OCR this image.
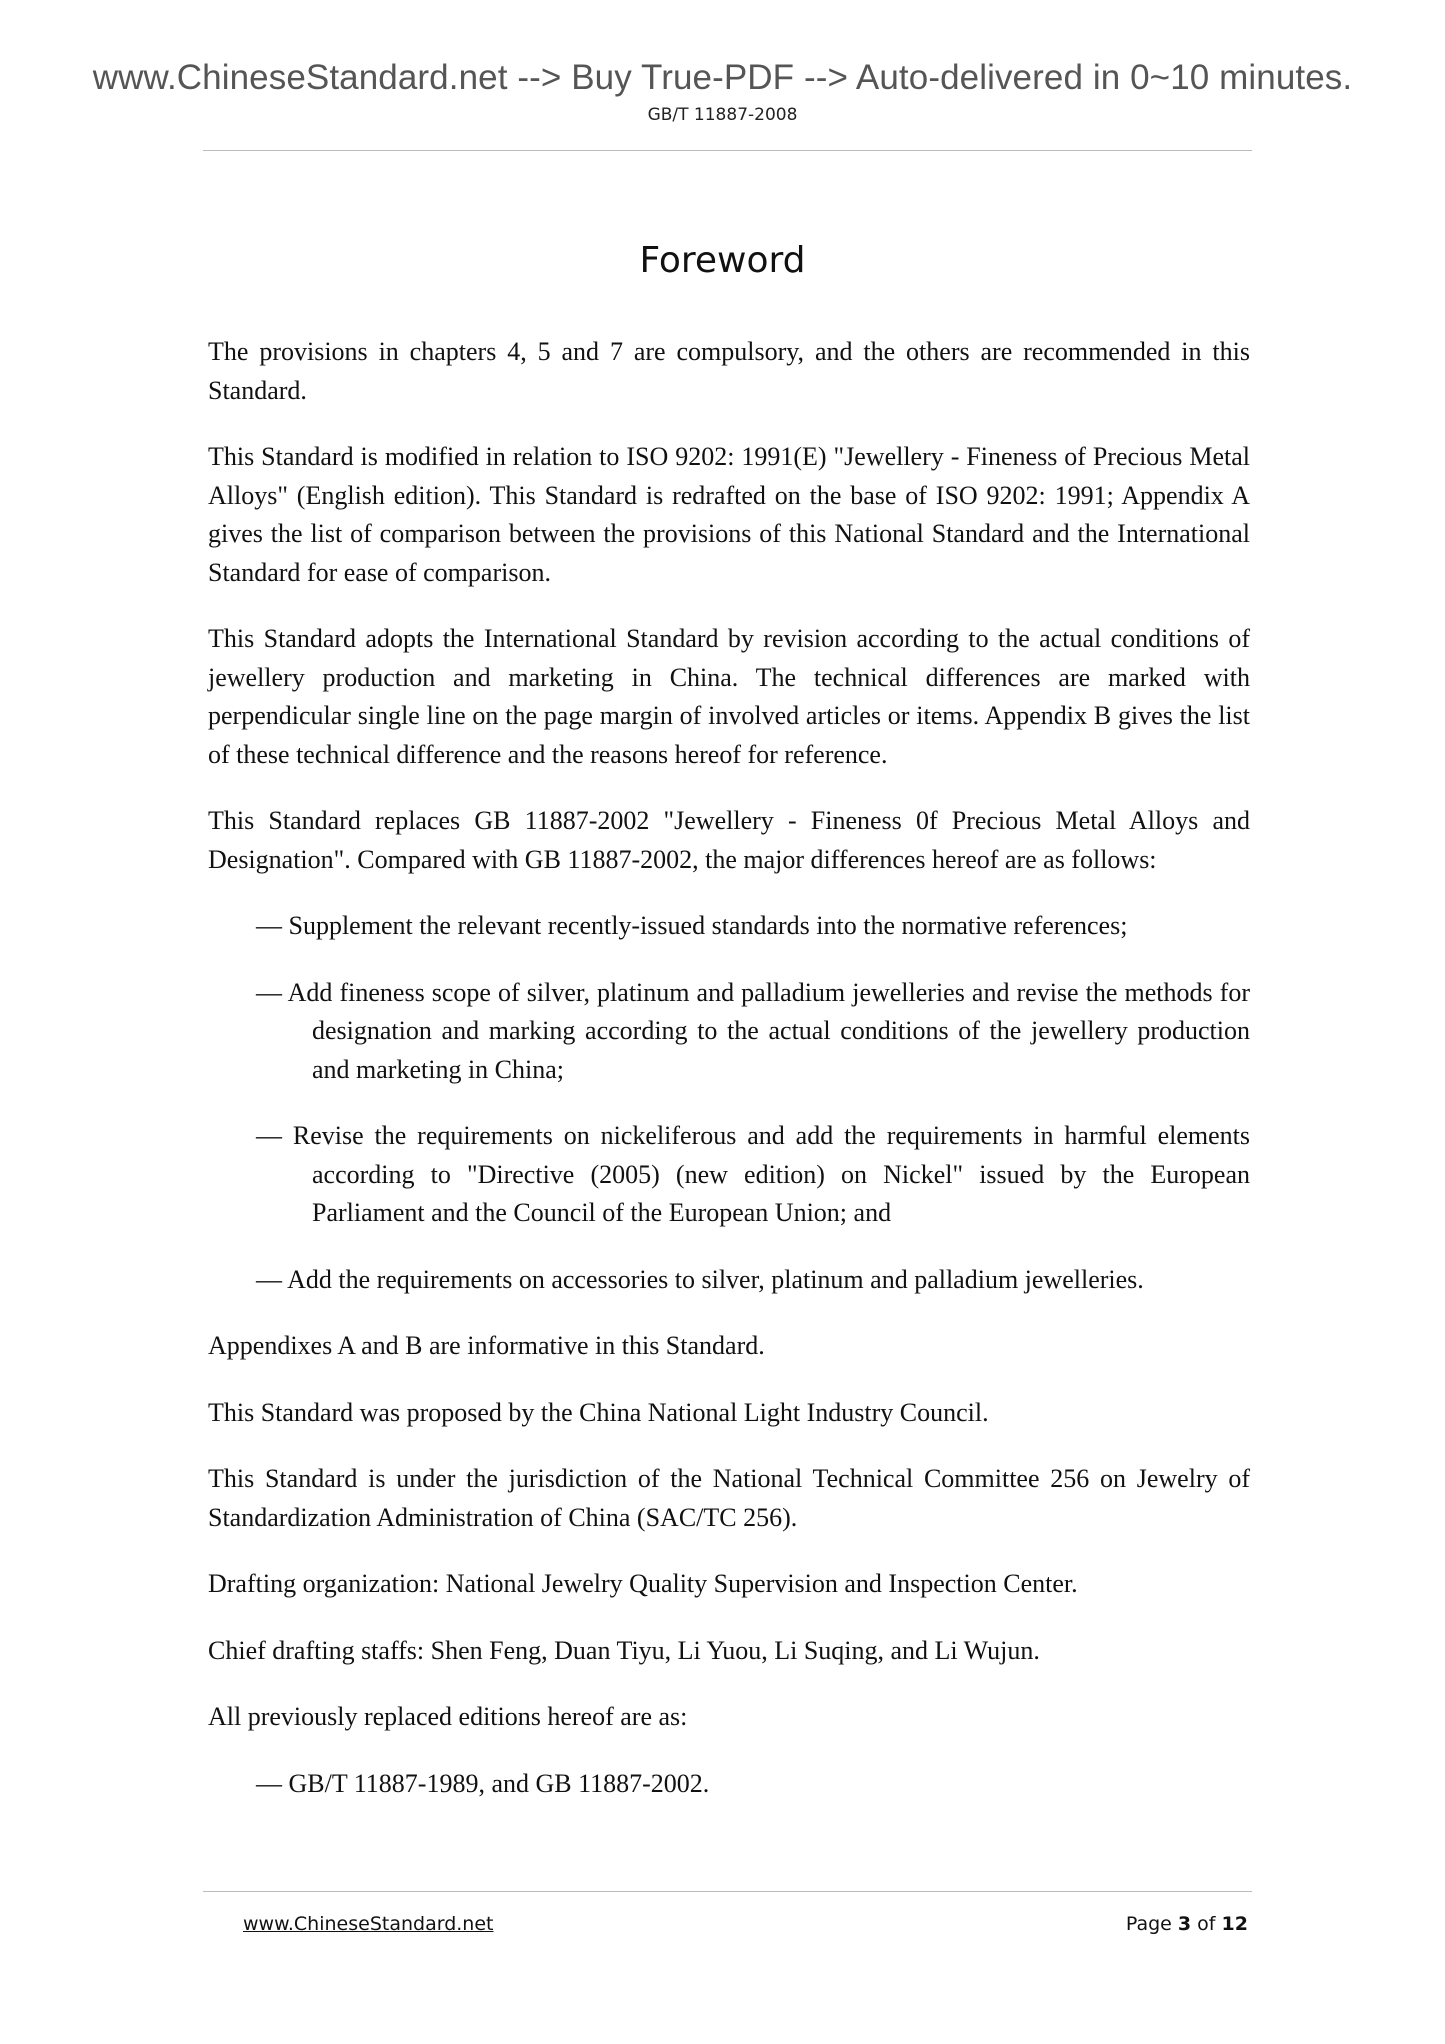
www.ChineseStandard.net --> Buy True-PDF --> Auto-delivered in 0~10 minutes.
GB/T 11887-2008
Foreword

The provisions in chapters 4, 5 and 7 are compulsory, and the others are recommended in this Standard.

This Standard is modified in relation to ISO 9202: 1991(E) "Jewellery - Fineness of Precious Metal Alloys" (English edition). This Standard is redrafted on the base of ISO 9202: 1991; Appendix A gives the list of comparison between the provisions of this National Standard and the International Standard for ease of comparison.

This Standard adopts the International Standard by revision according to the actual conditions of jewellery production and marketing in China. The technical differences are marked with perpendicular single line on the page margin of involved articles or items. Appendix B gives the list of these technical difference and the reasons hereof for reference.

This Standard replaces GB 11887-2002 "Jewellery - Fineness 0f Precious Metal Alloys and Designation". Compared with GB 11887-2002, the major differences hereof are as follows:

— Supplement the relevant recently-issued standards into the normative references;

— Add fineness scope of silver, platinum and palladium jewelleries and revise the methods for designation and marking according to the actual conditions of the jewellery production and marketing in China;

— Revise the requirements on nickeliferous and add the requirements in harmful elements according to "Directive (2005) (new edition) on Nickel" issued by the European Parliament and the Council of the European Union; and

— Add the requirements on accessories to silver, platinum and palladium jewelleries.

Appendixes A and B are informative in this Standard.

This Standard was proposed by the China National Light Industry Council.

This Standard is under the jurisdiction of the National Technical Committee 256 on Jewelry of Standardization Administration of China (SAC/TC 256).

Drafting organization: National Jewelry Quality Supervision and Inspection Center.

Chief drafting staffs: Shen Feng, Duan Tiyu, Li Yuou, Li Suqing, and Li Wujun.

All previously replaced editions hereof are as:

— GB/T 11887-1989, and GB 11887-2002.

www.ChineseStandard.net	Page 3 of 12
